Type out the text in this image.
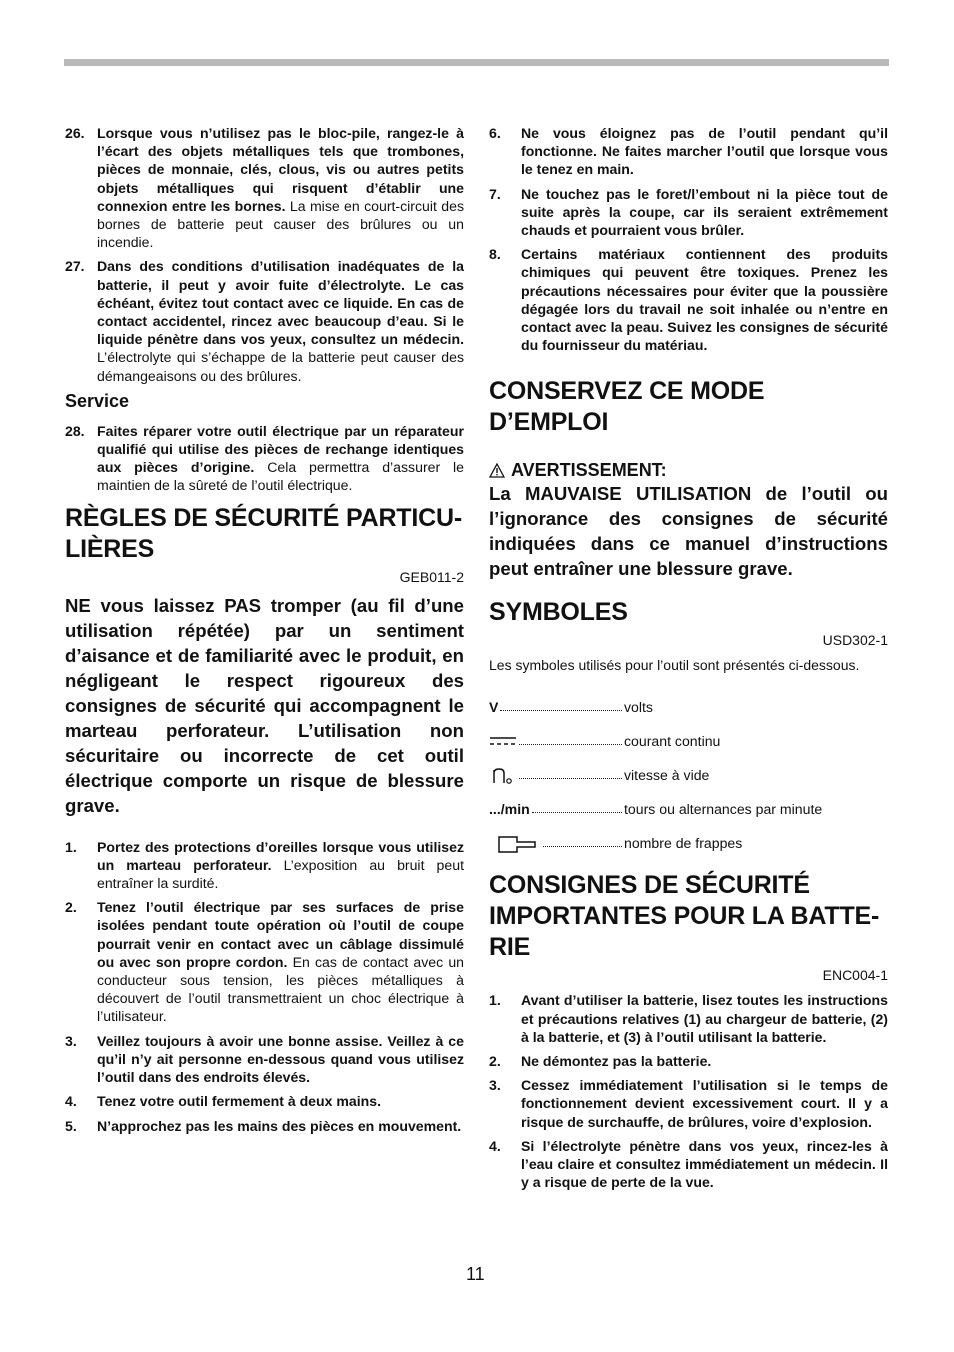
26. Lorsque vous n’utilisez pas le bloc-pile, rangez-le à l’écart des objets métalliques tels que trombones, pièces de monnaie, clés, clous, vis ou autres petits objets métalliques qui risquent d’établir une connexion entre les bornes. La mise en court-circuit des bornes de batterie peut causer des brûlures ou un incendie.
27. Dans des conditions d’utilisation inadéquates de la batterie, il peut y avoir fuite d’électrolyte. Le cas échéant, évitez tout contact avec ce liquide. En cas de contact accidentel, rincez avec beaucoup d’eau. Si le liquide pénètre dans vos yeux, consultez un médecin. L’électrolyte qui s’échappe de la batterie peut causer des démangeaisons ou des brûlures.
Service
28. Faites réparer votre outil électrique par un réparateur qualifié qui utilise des pièces de rechange identiques aux pièces d’origine. Cela permettra d’assurer le maintien de la sûreté de l’outil électrique.
RÈGLES DE SÉCURITÉ PARTICU-LIÈRES
GEB011-2
NE vous laissez PAS tromper (au fil d’une utilisation répétée) par un sentiment d’aisance et de familiarité avec le produit, en négligeant le respect rigoureux des consignes de sécurité qui accompagnent le marteau perforateur. L’utilisation non sécuritaire ou incorrecte de cet outil électrique comporte un risque de blessure grave.
1.	Portez des protections d’oreilles lorsque vous utilisez un marteau perforateur. L’exposition au bruit peut entraîner la surdité.
2.	Tenez l’outil électrique par ses surfaces de prise isolées pendant toute opération où l’outil de coupe pourrait venir en contact avec un câblage dissimulé ou avec son propre cordon. En cas de contact avec un conducteur sous tension, les pièces métalliques à découvert de l’outil transmettraient un choc électrique à l’utilisateur.
3.	Veillez toujours à avoir une bonne assise. Veillez à ce qu’il n’y ait personne en-dessous quand vous utilisez l’outil dans des endroits élevés.
4.	Tenez votre outil fermement à deux mains.
5.	N’approchez pas les mains des pièces en mouvement.
6.	Ne vous éloignez pas de l’outil pendant qu’il fonctionne. Ne faites marcher l’outil que lorsque vous le tenez en main.
7.	Ne touchez pas le foret/l’embout ni la pièce tout de suite après la coupe, car ils seraient extrêmement chauds et pourraient vous brûler.
8.	Certains matériaux contiennent des produits chimiques qui peuvent être toxiques. Prenez les précautions nécessaires pour éviter que la poussière dégagée lors du travail ne soit inhalée ou n’entre en contact avec la peau. Suivez les consignes de sécurité du fournisseur du matériau.
CONSERVEZ CE MODE D’EMPLOI
AVERTISSEMENT:
La MAUVAISE UTILISATION de l’outil ou l’ignorance des consignes de sécurité indiquées dans ce manuel d’instructions peut entraîner une blessure grave.
SYMBOLES
USD302-1
Les symboles utilisés pour l’outil sont présentés ci-dessous.
V	volts
courant continu
vitesse à vide
.../min	tours ou alternances par minute
nombre de frappes
CONSIGNES DE SÉCURITÉ IMPORTANTES POUR LA BATTE-RIE
ENC004-1
1.	Avant d’utiliser la batterie, lisez toutes les instructions et précautions relatives (1) au chargeur de batterie, (2) à la batterie, et (3) à l’outil utilisant la batterie.
2.	Ne démontez pas la batterie.
3.	Cessez immédiatement l’utilisation si le temps de fonctionnement devient excessivement court. Il y a risque de surchauffe, de brûlures, voire d’explosion.
4.	Si l’électrolyte pénètre dans vos yeux, rincez-les à l’eau claire et consultez immédiatement un médecin. Il y a risque de perte de la vue.
11
